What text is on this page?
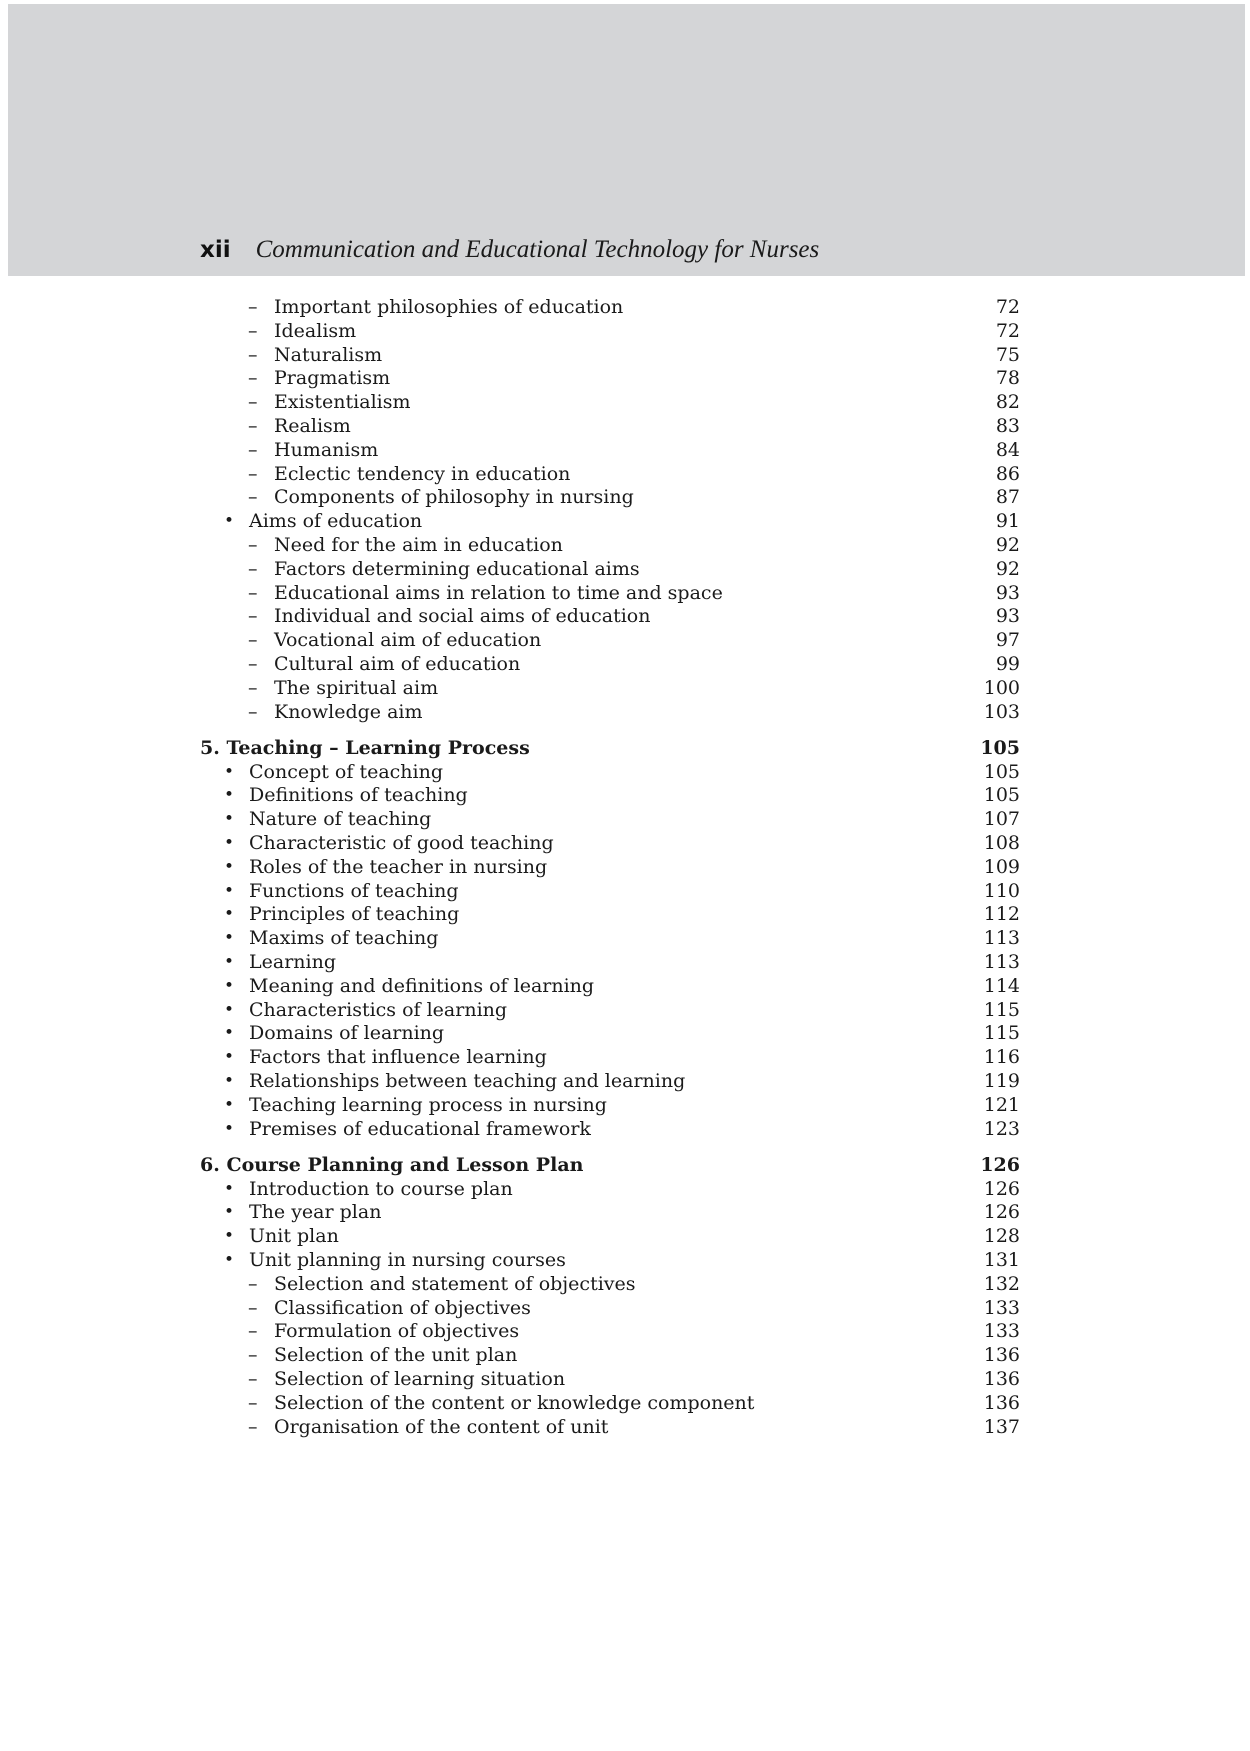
xii Communication and Educational Technology for Nurses
– Important philosophies of education	72
– Idealism	72
– Naturalism	75
– Pragmatism	78
– Existentialism	82
– Realism	83
– Humanism	84
– Eclectic tendency in education	86
– Components of philosophy in nursing	87
• Aims of education	91
– Need for the aim in education	92
– Factors determining educational aims	92
– Educational aims in relation to time and space	93
– Individual and social aims of education	93
– Vocational aim of education	97
– Cultural aim of education	99
– The spiritual aim	100
– Knowledge aim	103
5. Teaching – Learning Process	105
• Concept of teaching	105
• Definitions of teaching	105
• Nature of teaching	107
• Characteristic of good teaching	108
• Roles of the teacher in nursing	109
• Functions of teaching	110
• Principles of teaching	112
• Maxims of teaching	113
• Learning	113
• Meaning and definitions of learning	114
• Characteristics of learning	115
• Domains of learning	115
• Factors that influence learning	116
• Relationships between teaching and learning	119
• Teaching learning process in nursing	121
• Premises of educational framework	123
6. Course Planning and Lesson Plan	126
• Introduction to course plan	126
• The year plan	126
• Unit plan	128
• Unit planning in nursing courses	131
– Selection and statement of objectives	132
– Classification of objectives	133
– Formulation of objectives	133
– Selection of the unit plan	136
– Selection of learning situation	136
– Selection of the content or knowledge component	136
– Organisation of the content of unit	137
